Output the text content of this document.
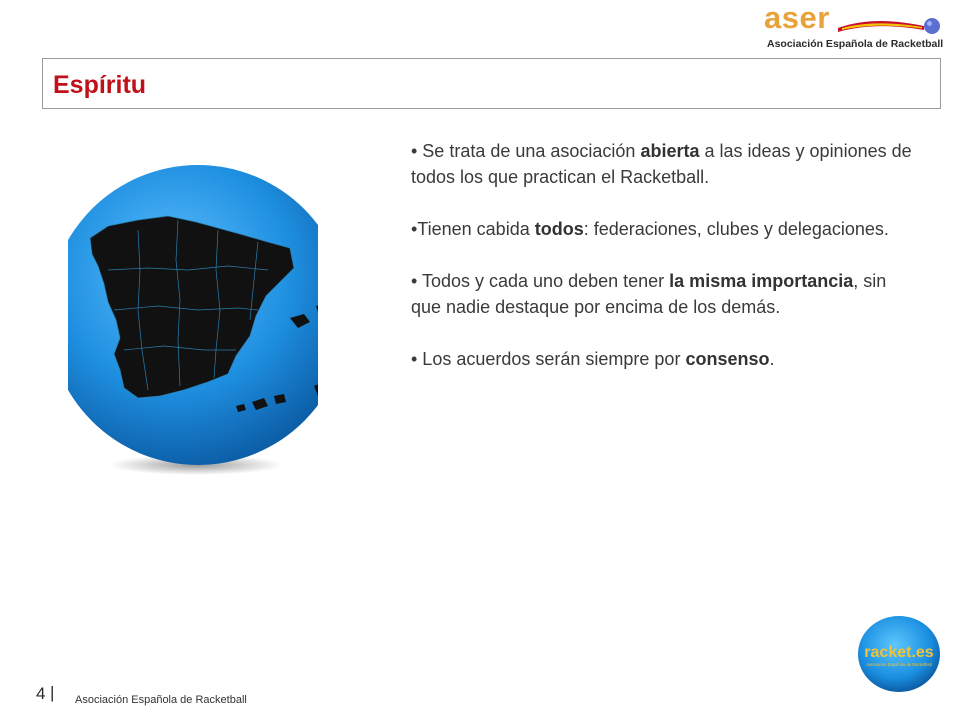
aser
Asociación Española de Racketball
Espíritu

• Se trata de una asociación abierta a las ideas y opiniones de todos los que practican el Racketball.

•Tienen cabida todos: federaciones, clubes y delegaciones.

• Todos y cada uno deben tener la misma importancia, sin que nadie destaque por encima de los demás.

• Los acuerdos serán siempre por consenso.

4 | Asociación Española de Racketball
racket.es
Asociación Española de Racketball
